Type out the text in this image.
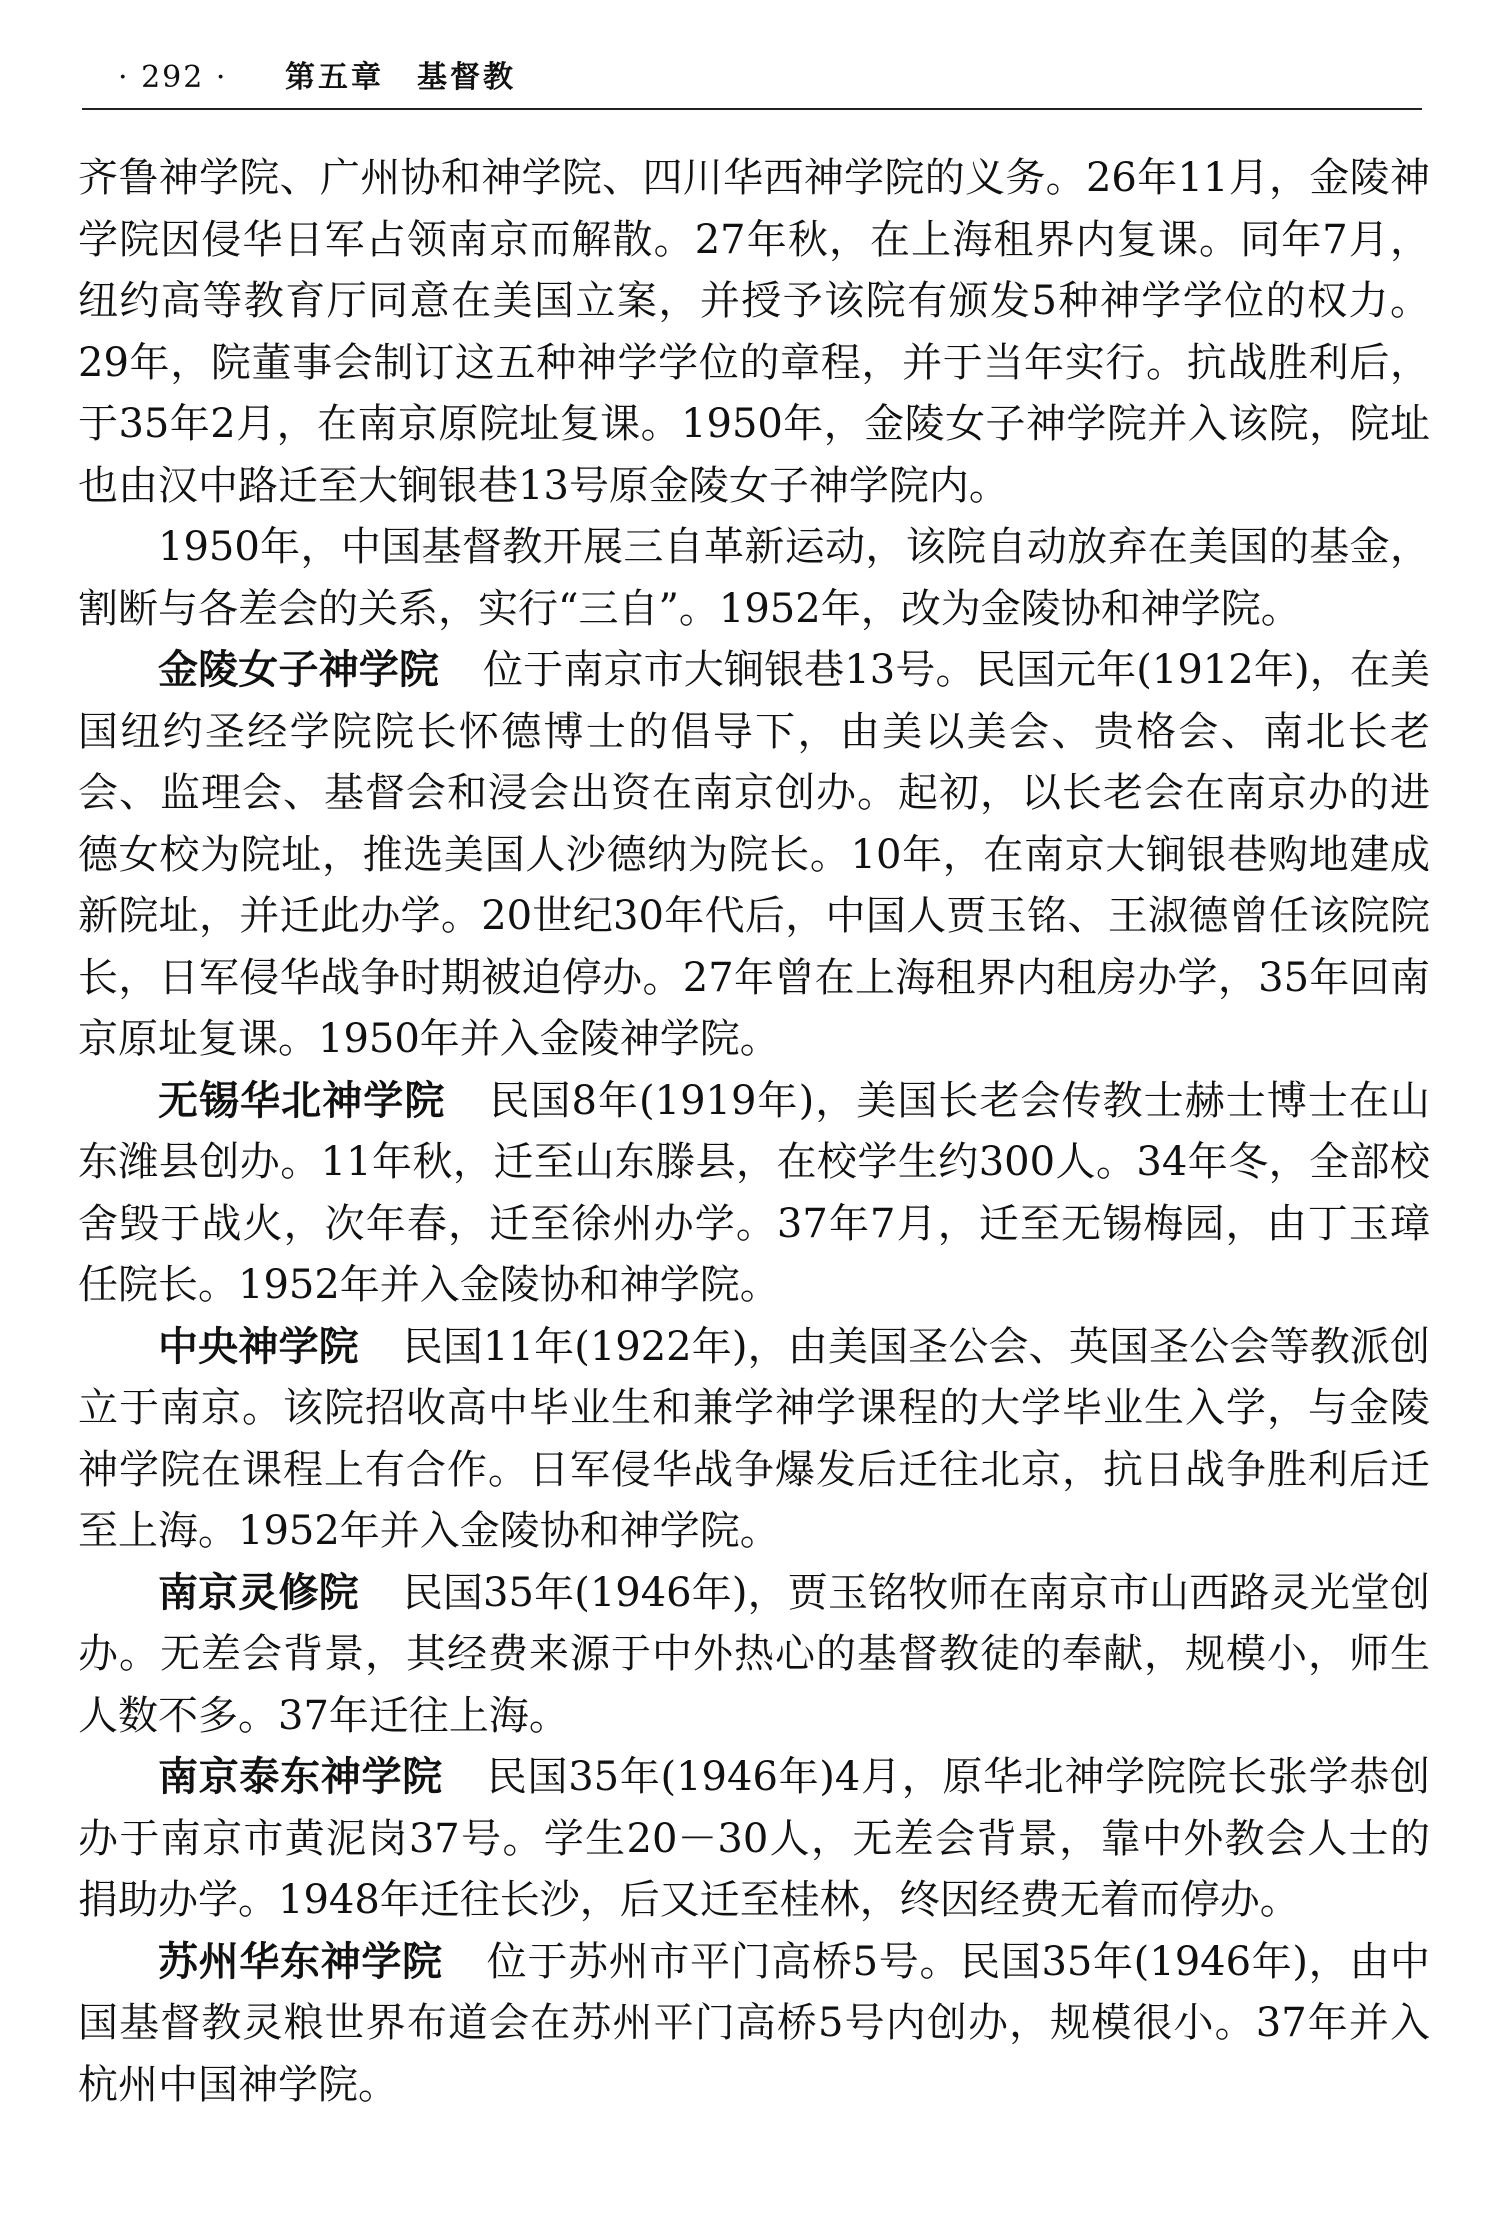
· 292 · 第五章　基督教

齐鲁神学院、广州协和神学院、四川华西神学院的义务。26年11月，金陵神学院因侵华日军占领南京而解散。27年秋，在上海租界内复课。同年7月，纽约高等教育厅同意在美国立案，并授予该院有颁发5种神学学位的权力。29年，院董事会制订这五种神学学位的章程，并于当年实行。抗战胜利后，于35年2月，在南京原院址复课。1950年，金陵女子神学院并入该院，院址也由汉中路迁至大锏银巷13号原金陵女子神学院内。

1950年，中国基督教开展三自革新运动，该院自动放弃在美国的基金，割断与各差会的关系，实行“三自”。1952年，改为金陵协和神学院。

金陵女子神学院 位于南京市大锏银巷13号。民国元年(1912年)，在美国纽约圣经学院院长怀德博士的倡导下，由美以美会、贵格会、南北长老会、监理会、基督会和浸会出资在南京创办。起初，以长老会在南京办的进德女校为院址，推选美国人沙德纳为院长。10年，在南京大锏银巷购地建成新院址，并迁此办学。20世纪30年代后，中国人贾玉铭、王淑德曾任该院院长，日军侵华战争时期被迫停办。27年曾在上海租界内租房办学，35年回南京原址复课。1950年并入金陵神学院。

无锡华北神学院 民国8年(1919年)，美国长老会传教士赫士博士在山东潍县创办。11年秋，迁至山东滕县，在校学生约300人。34年冬，全部校舍毁于战火，次年春，迁至徐州办学。37年7月，迁至无锡梅园，由丁玉璋任院长。1952年并入金陵协和神学院。

中央神学院 民国11年(1922年)，由美国圣公会、英国圣公会等教派创立于南京。该院招收高中毕业生和兼学神学课程的大学毕业生入学，与金陵神学院在课程上有合作。日军侵华战争爆发后迁往北京，抗日战争胜利后迁至上海。1952年并入金陵协和神学院。

南京灵修院 民国35年(1946年)，贾玉铭牧师在南京市山西路灵光堂创办。无差会背景，其经费来源于中外热心的基督教徒的奉献，规模小，师生人数不多。37年迁往上海。

南京泰东神学院 民国35年(1946年)4月，原华北神学院院长张学恭创办于南京市黄泥岗37号。学生20－30人，无差会背景，靠中外教会人士的捐助办学。1948年迁往长沙，后又迁至桂林，终因经费无着而停办。

苏州华东神学院 位于苏州市平门高桥5号。民国35年(1946年)，由中国基督教灵粮世界布道会在苏州平门高桥5号内创办，规模很小。37年并入杭州中国神学院。
